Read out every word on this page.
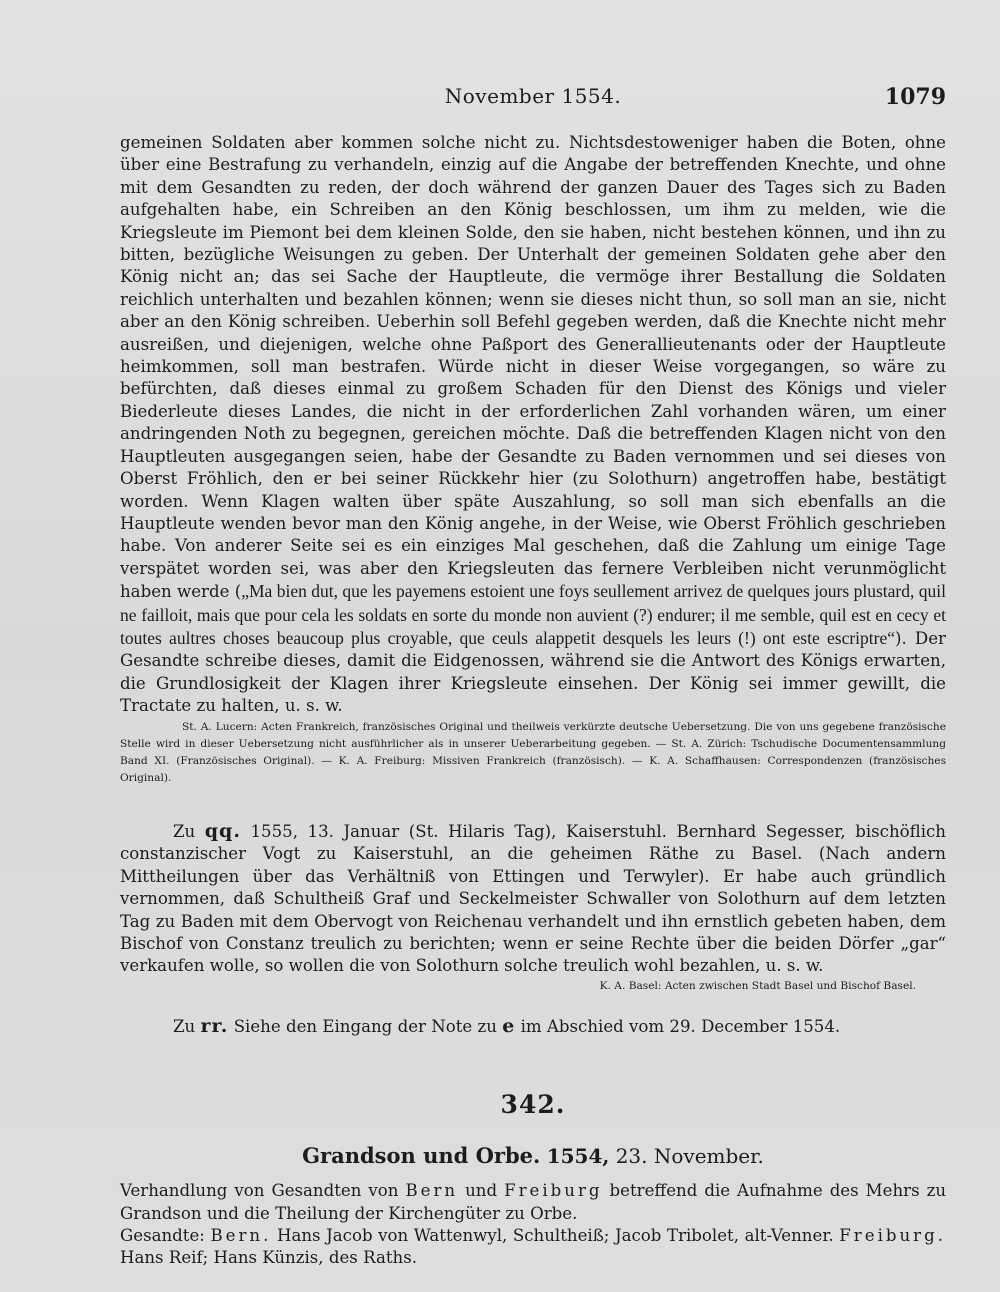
November 1554.	1079

gemeinen Soldaten aber kommen solche nicht zu. Nichtsdestoweniger haben die Boten, ohne über eine Bestrafung zu verhandeln, einzig auf die Angabe der betreffenden Knechte, und ohne mit dem Gesandten zu reden, der doch während der ganzen Dauer des Tages sich zu Baden aufgehalten habe, ein Schreiben an den König beschlossen, um ihm zu melden, wie die Kriegsleute im Piemont bei dem kleinen Solde, den sie haben, nicht bestehen können, und ihn zu bitten, bezügliche Weisungen zu geben. Der Unterhalt der gemeinen Soldaten gehe aber den König nicht an; das sei Sache der Hauptleute, die vermöge ihrer Bestallung die Soldaten reichlich unterhalten und bezahlen können; wenn sie dieses nicht thun, so soll man an sie, nicht aber an den König schreiben. Ueberhin soll Befehl gegeben werden, daß die Knechte nicht mehr ausreißen, und diejenigen, welche ohne Paßport des Generallieutenants oder der Hauptleute heimkommen, soll man bestrafen. Würde nicht in dieser Weise vorgegangen, so wäre zu befürchten, daß dieses einmal zu großem Schaden für den Dienst des Königs und vieler Biederleute dieses Landes, die nicht in der erforderlichen Zahl vorhanden wären, um einer andringenden Noth zu begegnen, gereichen möchte. Daß die betreffenden Klagen nicht von den Hauptleuten ausgegangen seien, habe der Gesandte zu Baden vernommen und sei dieses von Oberst Fröhlich, den er bei seiner Rückkehr hier (zu Solothurn) angetroffen habe, bestätigt worden. Wenn Klagen walten über späte Auszahlung, so soll man sich ebenfalls an die Hauptleute wenden bevor man den König angehe, in der Weise, wie Oberst Fröhlich geschrieben habe. Von anderer Seite sei es ein einziges Mal geschehen, daß die Zahlung um einige Tage verspätet worden sei, was aber den Kriegsleuten das fernere Verbleiben nicht verunmöglicht haben werde („Ma bien dut, que les payemens estoient une foys seullement arrivez de quelques jours plustard, quil ne failloit, mais que pour cela les soldats en sorte du monde non auvient (?) endurer; il me semble, quil est en cecy et toutes aultres choses beaucoup plus croyable, que ceuls alappetit desquels les leurs (!) ont este escriptre“). Der Gesandte schreibe dieses, damit die Eidgenossen, während sie die Antwort des Königs erwarten, die Grundlosigkeit der Klagen ihrer Kriegsleute einsehen. Der König sei immer gewillt, die Tractate zu halten, u. s. w.

St. A. Lucern: Acten Frankreich, französisches Original und theilweis verkürzte deutsche Uebersetzung. Die von uns gegebene französische Stelle wird in dieser Uebersetzung nicht ausführlicher als in unserer Ueberarbeitung gegeben. — St. A. Zürich: Tschudische Documentensammlung Band XI. (Französisches Original). — K. A. Freiburg: Missiven Frankreich (französisch). — K. A. Schaffhausen: Correspondenzen (französisches Original).

Zu qq. 1555, 13. Januar (St. Hilaris Tag), Kaiserstuhl. Bernhard Segesser, bischöflich constanzischer Vogt zu Kaiserstuhl, an die geheimen Räthe zu Basel. (Nach andern Mittheilungen über das Verhältniß von Ettingen und Terwyler). Er habe auch gründlich vernommen, daß Schultheiß Graf und Seckelmeister Schwaller von Solothurn auf dem letzten Tag zu Baden mit dem Obervogt von Reichenau verhandelt und ihn ernstlich gebeten haben, dem Bischof von Constanz treulich zu berichten; wenn er seine Rechte über die beiden Dörfer „gar“ verkaufen wolle, so wollen die von Solothurn solche treulich wohl bezahlen, u. s. w.

K. A. Basel: Acten zwischen Stadt Basel und Bischof Basel.

Zu rr. Siehe den Eingang der Note zu e im Abschied vom 29. December 1554.

342.

Grandson und Orbe. 1554, 23. November.

Verhandlung von Gesandten von Bern und Freiburg betreffend die Aufnahme des Mehrs zu Grandson und die Theilung der Kirchengüter zu Orbe.

Gesandte: Bern. Hans Jacob von Wattenwyl, Schultheiß; Jacob Tribolet, alt-Venner. Freiburg. Hans Reif; Hans Künzis, des Raths.
